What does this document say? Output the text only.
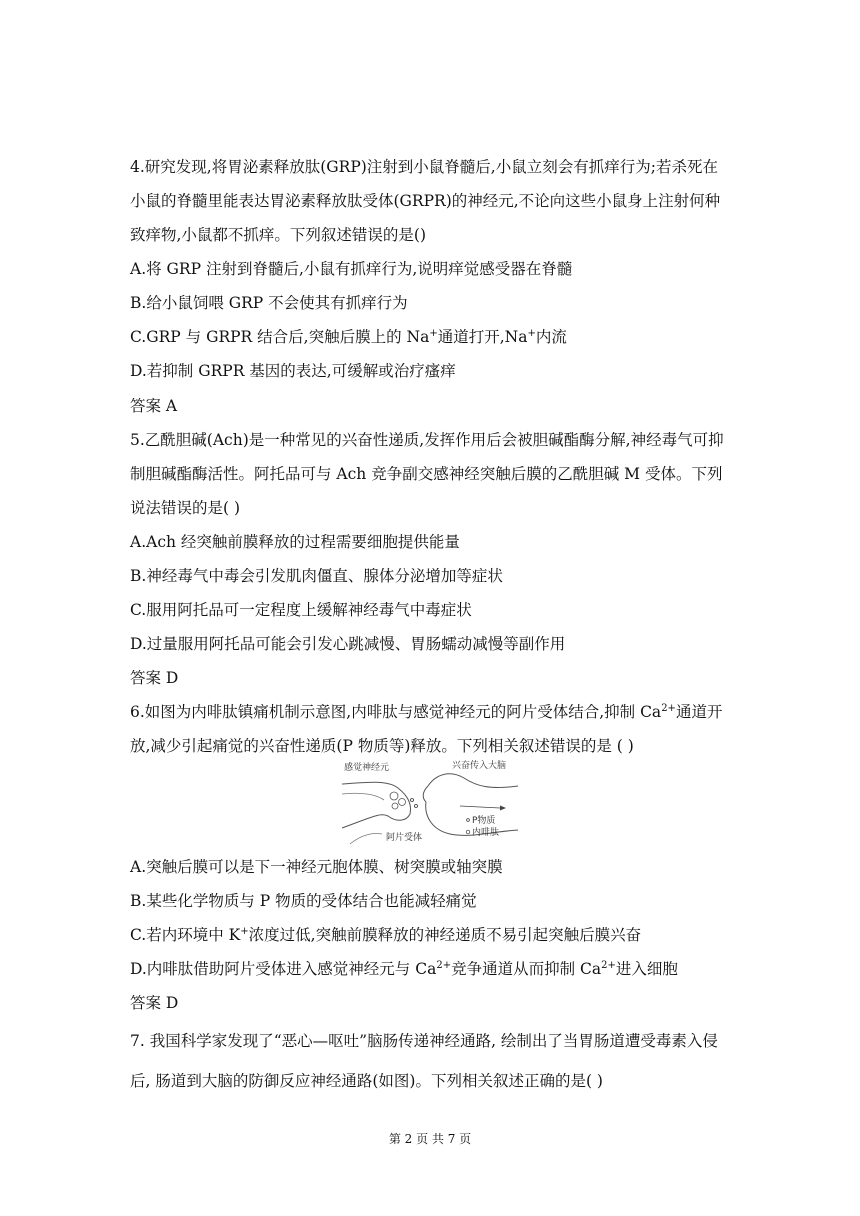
4.研究发现,将胃泌素释放肽(GRP)注射到小鼠脊髓后,小鼠立刻会有抓痒行为;若杀死在
小鼠的脊髓里能表达胃泌素释放肽受体(GRPR)的神经元,不论向这些小鼠身上注射何种
致痒物,小鼠都不抓痒。下列叙述错误的是()
A.将 GRP 注射到脊髓后,小鼠有抓痒行为,说明痒觉感受器在脊髓
B.给小鼠饲喂 GRP 不会使其有抓痒行为
C.GRP 与 GRPR 结合后,突触后膜上的 Na+通道打开,Na+内流
D.若抑制 GRPR 基因的表达,可缓解或治疗瘙痒
答案 A
5.乙酰胆碱(Ach)是一种常见的兴奋性递质,发挥作用后会被胆碱酯酶分解,神经毒气可抑
制胆碱酯酶活性。阿托品可与 Ach 竞争副交感神经突触后膜的乙酰胆碱 M 受体。下列
说法错误的是( )
A.Ach 经突触前膜释放的过程需要细胞提供能量
B.神经毒气中毒会引发肌肉僵直、腺体分泌增加等症状
C.服用阿托品可一定程度上缓解神经毒气中毒症状
D.过量服用阿托品可能会引发心跳减慢、胃肠蠕动减慢等副作用
答案 D
6.如图为内啡肽镇痛机制示意图,内啡肽与感觉神经元的阿片受体结合,抑制 $Ca^{2+}$通道开
放,减少引起痛觉的兴奋性递质(P 物质等)释放。下列相关叙述错误的是 ( )
感觉神经元	兴奋传入大脑
阿片受体
P物质
内啡肽
A.突触后膜可以是下一神经元胞体膜、树突膜或轴突膜
B.某些化学物质与 P 物质的受体结合也能减轻痛觉
C.若内环境中 K+浓度过低,突触前膜释放的神经递质不易引起突触后膜兴奋
D.内啡肽借助阿片受体进入感觉神经元与 $Ca^{2+}$竞争通道从而抑制 $Ca^{2+}$进入细胞
答案 D
7. 我国科学家发现了“恶心—呕吐”脑肠传递神经通路, 绘制出了当胃肠道遭受毒素入侵
后, 肠道到大脑的防御反应神经通路(如图)。下列相关叙述正确的是( )
第 2 页 共 7 页
